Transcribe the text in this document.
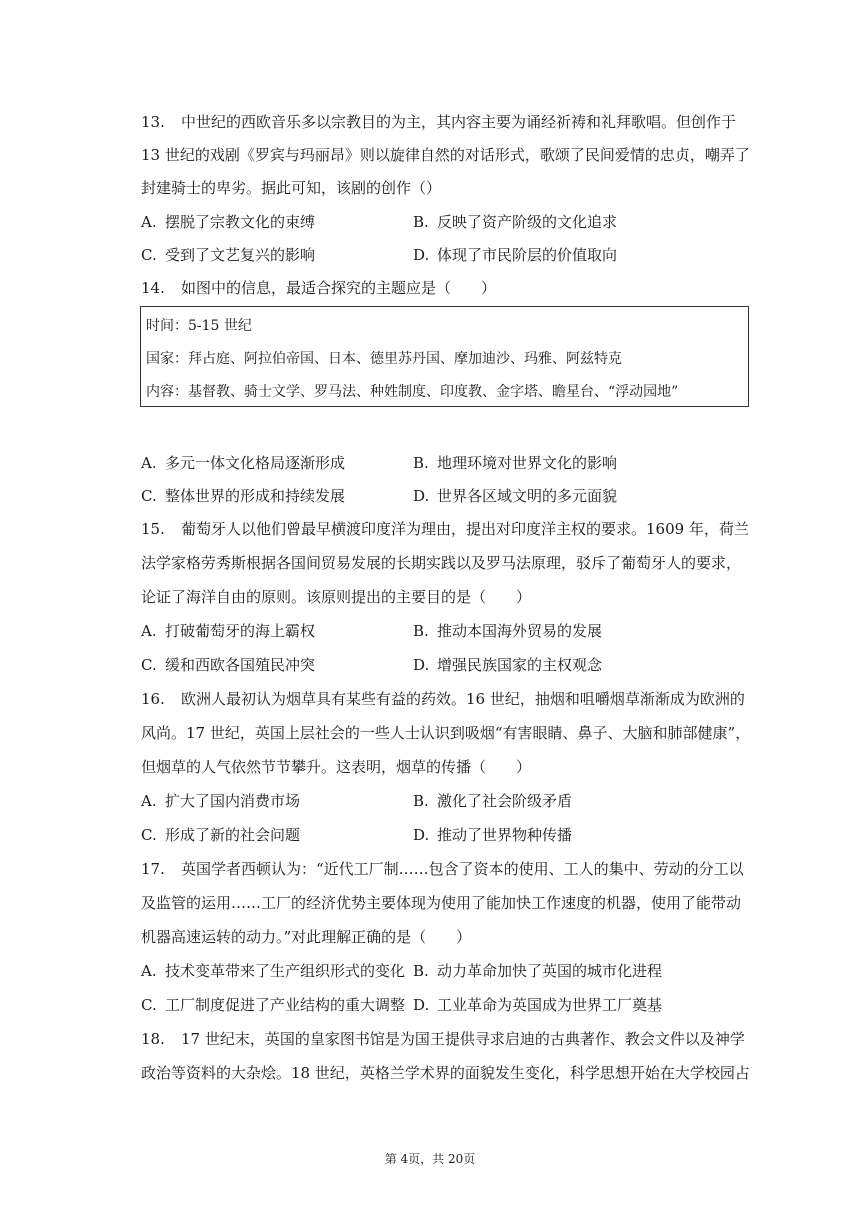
13. 中世纪的西欧音乐多以宗教目的为主，其内容主要为诵经祈祷和礼拜歌唱。但创作于
13 世纪的戏剧《罗宾与玛丽昂》则以旋律自然的对话形式，歌颂了民间爱情的忠贞，嘲弄了
封建骑士的卑劣。据此可知，该剧的创作（）
A. 摆脱了宗教文化的束缚	B. 反映了资产阶级的文化追求
C. 受到了文艺复兴的影响	D. 体现了市民阶层的价值取向
14. 如图中的信息，最适合探究的主题应是（　　）
时间：5-15 世纪
国家：拜占庭、阿拉伯帝国、日本、德里苏丹国、摩加迪沙、玛雅、阿兹特克
内容：基督教、骑士文学、罗马法、种姓制度、印度教、金字塔、瞻星台、“浮动园地”
A. 多元一体文化格局逐渐形成	B. 地理环境对世界文化的影响
C. 整体世界的形成和持续发展	D. 世界各区域文明的多元面貌
15. 葡萄牙人以他们曾最早横渡印度洋为理由，提出对印度洋主权的要求。1609 年，荷兰
法学家格劳秀斯根据各国间贸易发展的长期实践以及罗马法原理，驳斥了葡萄牙人的要求，
论证了海洋自由的原则。该原则提出的主要目的是（　　）
A. 打破葡萄牙的海上霸权	B. 推动本国海外贸易的发展
C. 缓和西欧各国殖民冲突	D. 增强民族国家的主权观念
16. 欧洲人最初认为烟草具有某些有益的药效。16 世纪，抽烟和咀嚼烟草渐渐成为欧洲的
风尚。17 世纪，英国上层社会的一些人士认识到吸烟“有害眼睛、鼻子、大脑和肺部健康”，
但烟草的人气依然节节攀升。这表明，烟草的传播（　　）
A. 扩大了国内消费市场	B. 激化了社会阶级矛盾
C. 形成了新的社会问题	D. 推动了世界物种传播
17. 英国学者西顿认为：“近代工厂制……包含了资本的使用、工人的集中、劳动的分工以
及监管的运用……工厂的经济优势主要体现为使用了能加快工作速度的机器，使用了能带动
机器高速运转的动力。”对此理解正确的是（　　）
A. 技术变革带来了生产组织形式的变化 B. 动力革命加快了英国的城市化进程
C. 工厂制度促进了产业结构的重大调整 D. 工业革命为英国成为世界工厂奠基
18. 17 世纪末，英国的皇家图书馆是为国王提供寻求启迪的古典著作、教会文件以及神学
政治等资料的大杂烩。18 世纪，英格兰学术界的面貌发生变化，科学思想开始在大学校园占
第 4页，共 20页
